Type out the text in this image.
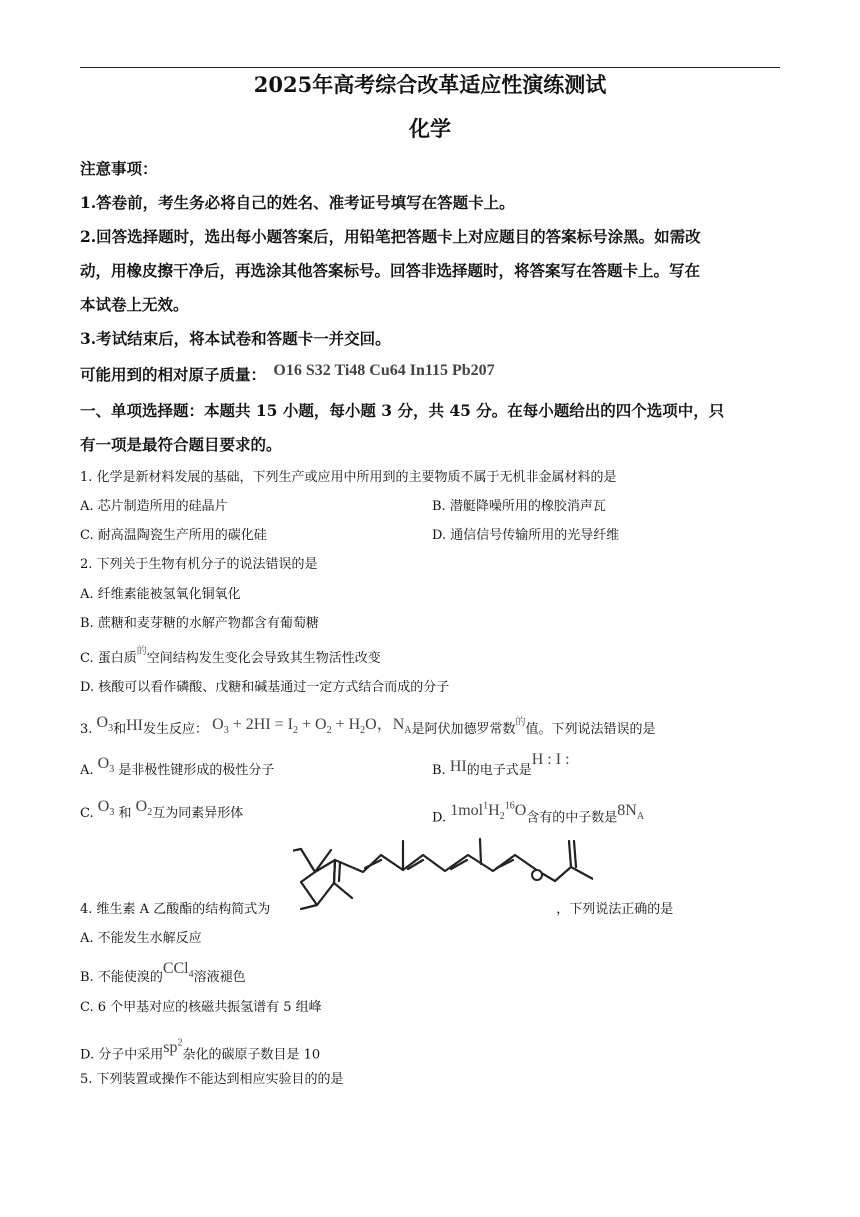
2025年高考综合改革适应性演练测试
化学
注意事项：
1.答卷前，考生务必将自己的姓名、准考证号填写在答题卡上。
2.回答选择题时，选出每小题答案后，用铅笔把答题卡上对应题目的答案标号涂黑。如需改
动，用橡皮擦干净后，再选涂其他答案标号。回答非选择题时，将答案写在答题卡上。写在
本试卷上无效。
3.考试结束后，将本试卷和答题卡一并交回。
可能用到的相对原子质量： O16 S32 Ti48 Cu64 In115 Pb207
一、单项选择题：本题共 15 小题，每小题 3 分，共 45 分。在每小题给出的四个选项中，只
有一项是最符合题目要求的。
1. 化学是新材料发展的基础，下列生产或应用中所用到的主要物质不属于无机非金属材料的是
A. 芯片制造所用的硅晶片	B. 潜艇降噪所用的橡胶消声瓦
C. 耐高温陶瓷生产所用的碳化硅	D. 通信信号传输所用的光导纤维
2. 下列关于生物有机分子的说法错误的是
A. 纤维素能被氢氧化铜氧化
B. 蔗糖和麦芽糖的水解产物都含有葡萄糖
C. 蛋白质$^的$空间结构发生变化会导致其生物活性改变
D. 核酸可以看作磷酸、戊糖和碱基通过一定方式结合而成的分子
3. $O_3$和HI发生反应： $O_3 + 2HI = I_2 + O_2 + H_2O$，$N_A$是阿伏加德罗常数$^的$值。下列说法错误的是
A. $O_3$ 是非极性键形成的极性分子	B. HI的电子式是H : I :
C. $O_3$ 和 $O_2$互为同素异形体	D. $1mol^1H_2^{16}O$含有的中子数是$8N_A$
4. 维生素 A 乙酸酯的结构简式为	，下列说法正确的是
A. 不能发生水解反应
B. 不能使溴的CCl$_4$溶液褪色
C. 6 个甲基对应的核磁共振氢谱有 5 组峰
D. 分子中采用$sp^2$杂化的碳原子数目是 10
5. 下列装置或操作不能达到相应实验目的的是
